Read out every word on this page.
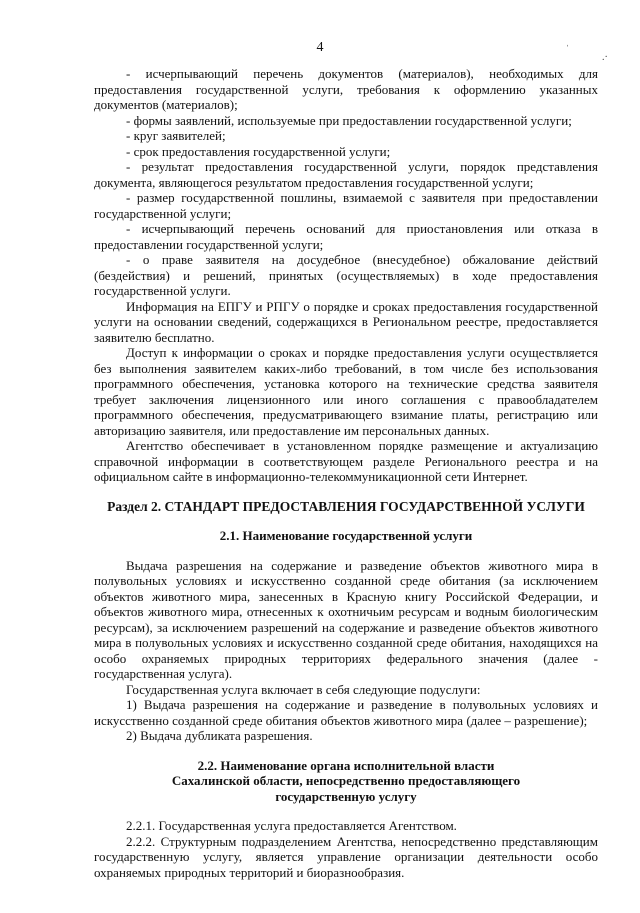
4	ˈ
.·

- исчерпывающий перечень документов (материалов), необходимых для предоставления государственной услуги, требования к оформлению указанных документов (материалов);

- формы заявлений, используемые при предоставлении государственной услуги;

- круг заявителей;

- срок предоставления государственной услуги;

- результат предоставления государственной услуги, порядок представления документа, являющегося результатом предоставления государственной услуги;

- размер государственной пошлины, взимаемой с заявителя при предоставлении государственной услуги;

- исчерпывающий перечень оснований для приостановления или отказа в предоставлении государственной услуги;

- о праве заявителя на досудебное (внесудебное) обжалование действий (бездействия) и решений, принятых (осуществляемых) в ходе предоставления государственной услуги.

Информация на ЕПГУ и РПГУ о порядке и сроках предоставления государственной услуги на основании сведений, содержащихся в Региональном реестре, предоставляется заявителю бесплатно.

Доступ к информации о сроках и порядке предоставления услуги осуществляется без выполнения заявителем каких-либо требований, в том числе без использования программного обеспечения, установка которого на технические средства заявителя требует заключения лицензионного или иного соглашения с правообладателем программного обеспечения, предусматривающего взимание платы, регистрацию или авторизацию заявителя, или предоставление им персональных данных.

Агентство обеспечивает в установленном порядке размещение и актуализацию справочной информации в соответствующем разделе Регионального реестра и на официальном сайте в информационно-телекоммуникационной сети Интернет.

Раздел 2. СТАНДАРТ ПРЕДОСТАВЛЕНИЯ ГОСУДАРСТВЕННОЙ УСЛУГИ

2.1. Наименование государственной услуги

Выдача разрешения на содержание и разведение объектов животного мира в полувольных условиях и искусственно созданной среде обитания (за исключением объектов животного мира, занесенных в Красную книгу Российской Федерации, и объектов животного мира, отнесенных к охотничьим ресурсам и водным биологическим ресурсам), за исключением разрешений на содержание и разведение объектов животного мира в полувольных условиях и искусственно созданной среде обитания, находящихся на особо охраняемых природных территориях федерального значения (далее - государственная услуга).

Государственная услуга включает в себя следующие подуслуги:

1) Выдача разрешения на содержание и разведение в полувольных условиях и искусственно созданной среде обитания объектов животного мира (далее – разрешение);

2) Выдача дубликата разрешения.

2.2. Наименование органа исполнительной власти

Сахалинской области, непосредственно предоставляющего

государственную услугу

2.2.1. Государственная услуга предоставляется Агентством.

2.2.2. Структурным подразделением Агентства, непосредственно представляющим государственную услугу, является управление организации деятельности особо охраняемых природных территорий и биоразнообразия.
